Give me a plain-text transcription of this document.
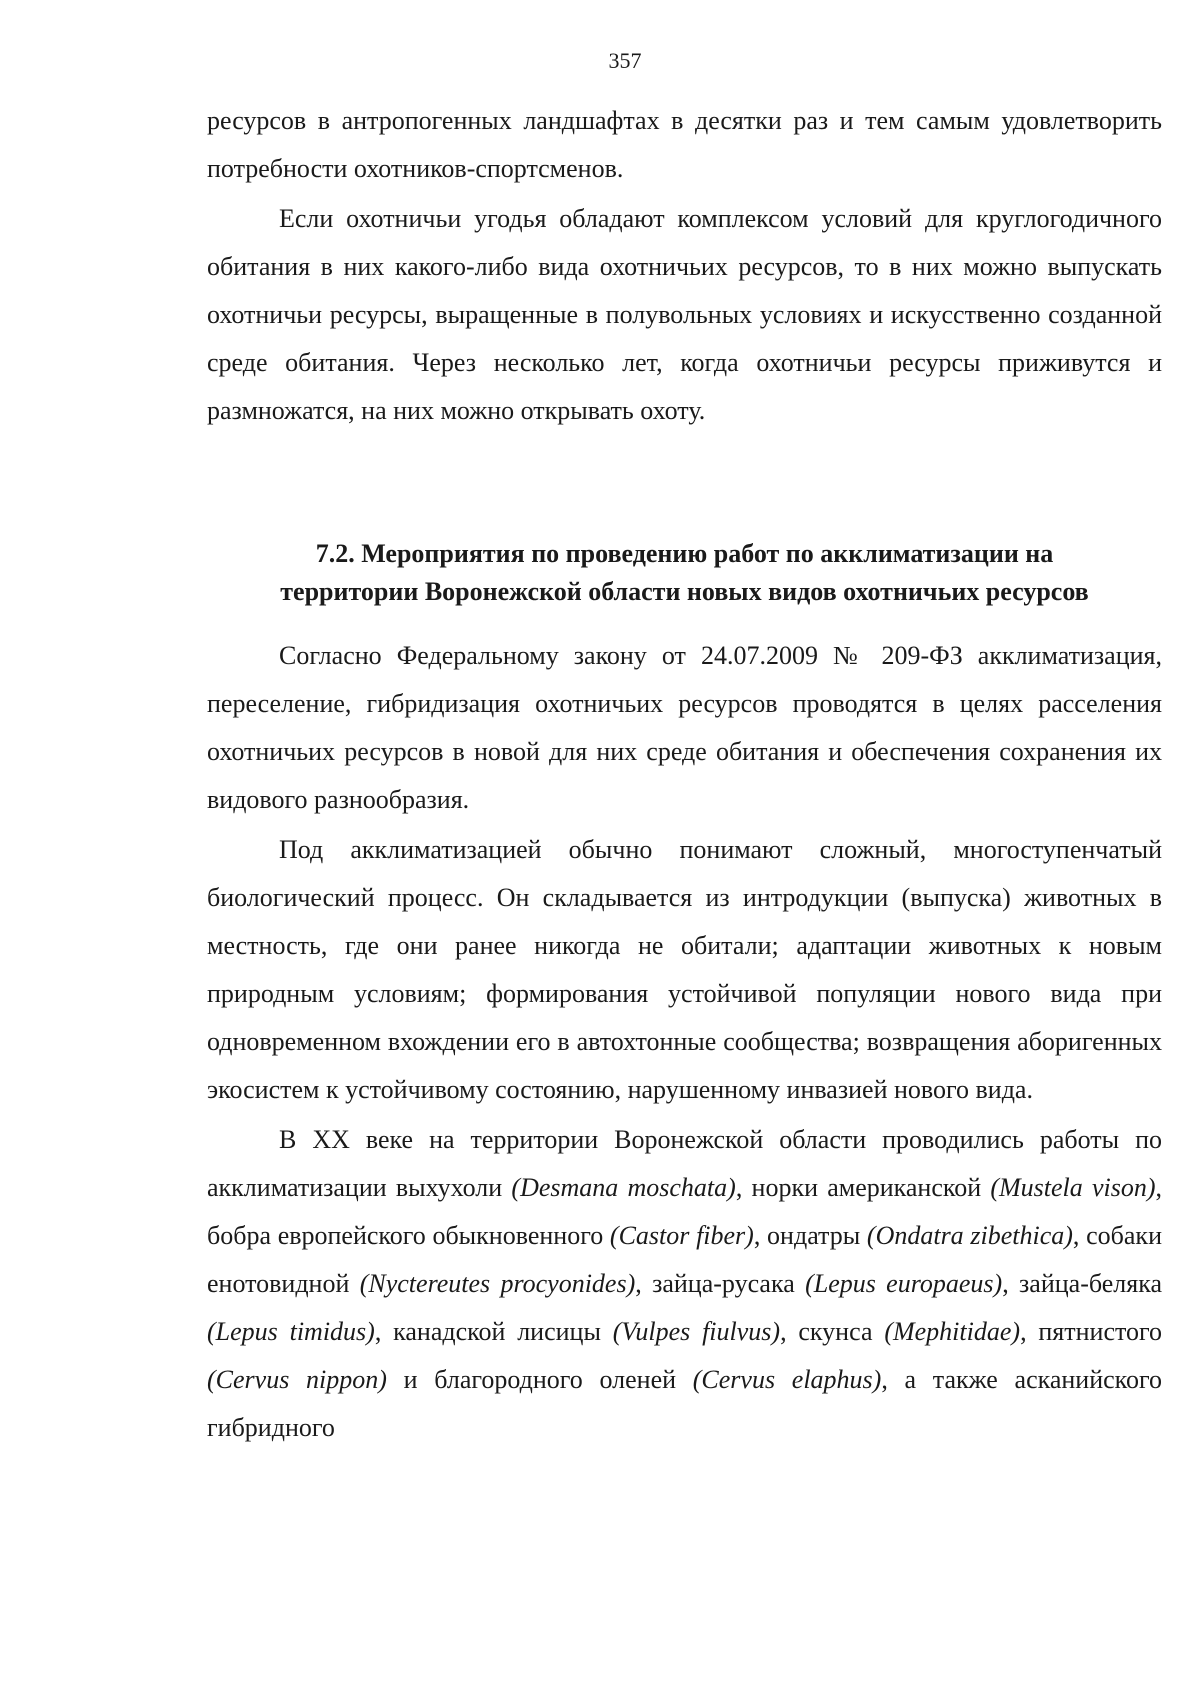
357

ресурсов в антропогенных ландшафтах в десятки раз и тем самым удовлетворить потребности охотников-спортсменов.

Если охотничьи угодья обладают комплексом условий для круглогодичного обитания в них какого-либо вида охотничьих ресурсов, то в них можно выпускать охотничьи ресурсы, выращенные в полувольных условиях и искусственно созданной среде обитания. Через несколько лет, когда охотничьи ресурсы приживутся и размножатся, на них можно открывать охоту.

7.2. Мероприятия по проведению работ по акклиматизации на
территории Воронежской области новых видов охотничьих ресурсов

Согласно Федеральному закону от 24.07.2009 № 209-ФЗ акклиматизация, переселение, гибридизация охотничьих ресурсов проводятся в целях расселения охотничьих ресурсов в новой для них среде обитания и обеспечения сохранения их видового разнообразия.

Под акклиматизацией обычно понимают сложный, многоступенчатый биологический процесс. Он складывается из интродукции (выпуска) животных в местность, где они ранее никогда не обитали; адаптации животных к новым природным условиям; формирования устойчивой популяции нового вида при одновременном вхождении его в автохтонные сообщества; возвращения аборигенных экосистем к устойчивому состоянию, нарушенному инвазией нового вида.

В XX веке на территории Воронежской области проводились работы по акклиматизации выхухоли (Desmana moschata), норки американской (Mustela vison), бобра европейского обыкновенного (Castor fiber), ондатры (Ondatra zibethica), собаки енотовидной (Nyctereutes procyonides), зайца-русака (Lepus europaeus), зайца-беляка (Lepus timidus), канадской лисицы (Vulpes fiulvus), скунса (Mephitidae), пятнистого (Cervus nippon) и благородного оленей (Cervus elaphus), а также асканийского гибридного
